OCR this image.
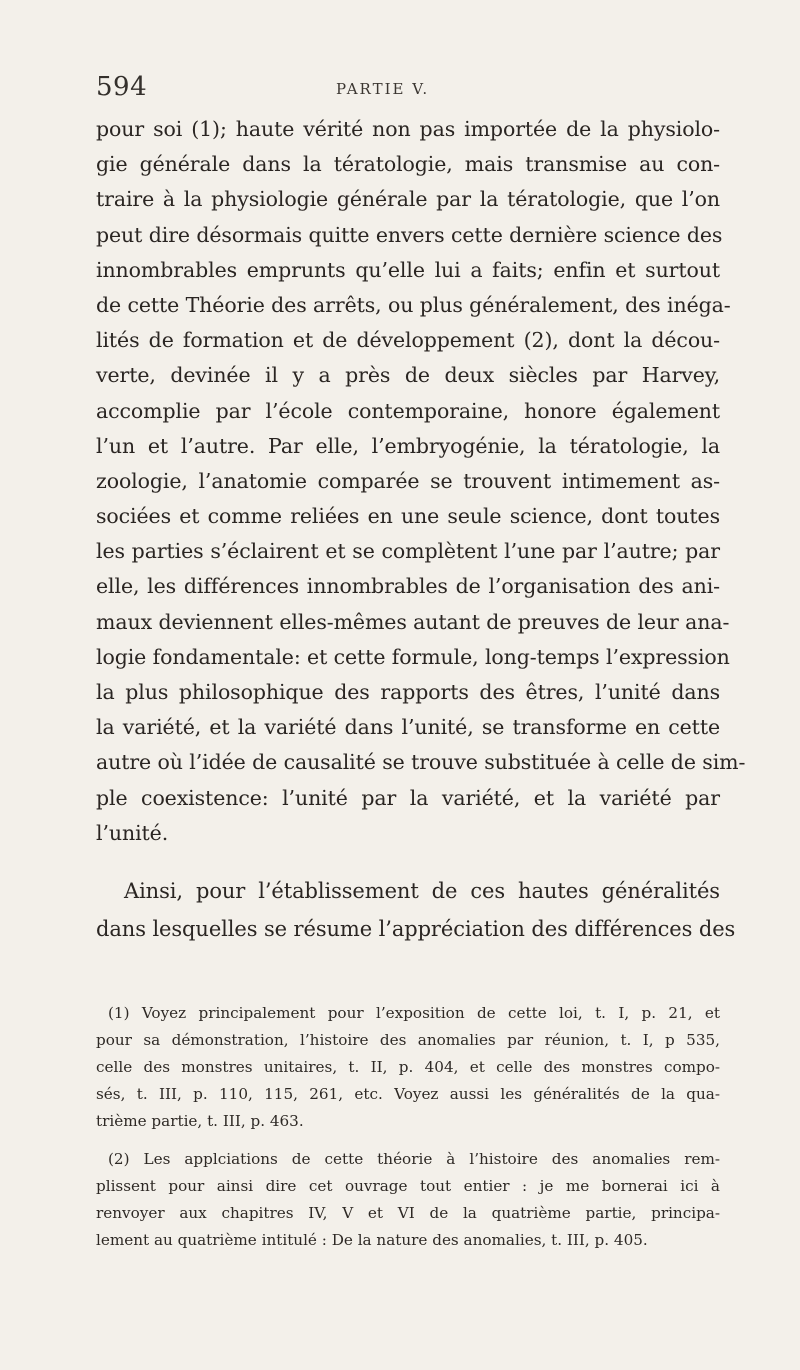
594	PARTIE V.
pour soi (1); haute vérité non pas importée de la physiolo-
gie générale dans la tératologie, mais transmise au con-
traire à la physiologie générale par la tératologie, que l’on
peut dire désormais quitte envers cette dernière science des
innombrables emprunts qu’elle lui a faits; enfin et surtout
de cette Théorie des arrêts, ou plus généralement, des inéga-
lités de formation et de développement (2), dont la décou-
verte, devinée il y a près de deux siècles par Harvey,
accomplie par l’école contemporaine, honore également
l’un et l’autre. Par elle, l’embryogénie, la tératologie, la
zoologie, l’anatomie comparée se trouvent intimement as-
sociées et comme reliées en une seule science, dont toutes
les parties s’éclairent et se complètent l’une par l’autre; par
elle, les différences innombrables de l’organisation des ani-
maux deviennent elles-mêmes autant de preuves de leur ana-
logie fondamentale: et cette formule, long-temps l’expression
la plus philosophique des rapports des êtres, l’unité dans
la variété, et la variété dans l’unité, se transforme en cette
autre où l’idée de causalité se trouve substituée à celle de sim-
ple coexistence: l’unité par la variété, et la variété par
l’unité.
Ainsi, pour l’établissement de ces hautes généralités
dans lesquelles se résume l’appréciation des différences des
(1) Voyez principalement pour l’exposition de cette loi, t. I, p. 21, et
pour sa démonstration, l’histoire des anomalies par réunion, t. I, p 535,
celle des monstres unitaires, t. II, p. 404, et celle des monstres compo-
sés, t. III, p. 110, 115, 261, etc. Voyez aussi les généralités de la qua-
trième partie, t. III, p. 463.
(2) Les applciations de cette théorie à l’histoire des anomalies rem-
plissent pour ainsi dire cet ouvrage tout entier : je me bornerai ici à
renvoyer aux chapitres IV, V et VI de la quatrième partie, principa-
lement au quatrième intitulé : De la nature des anomalies, t. III, p. 405.
